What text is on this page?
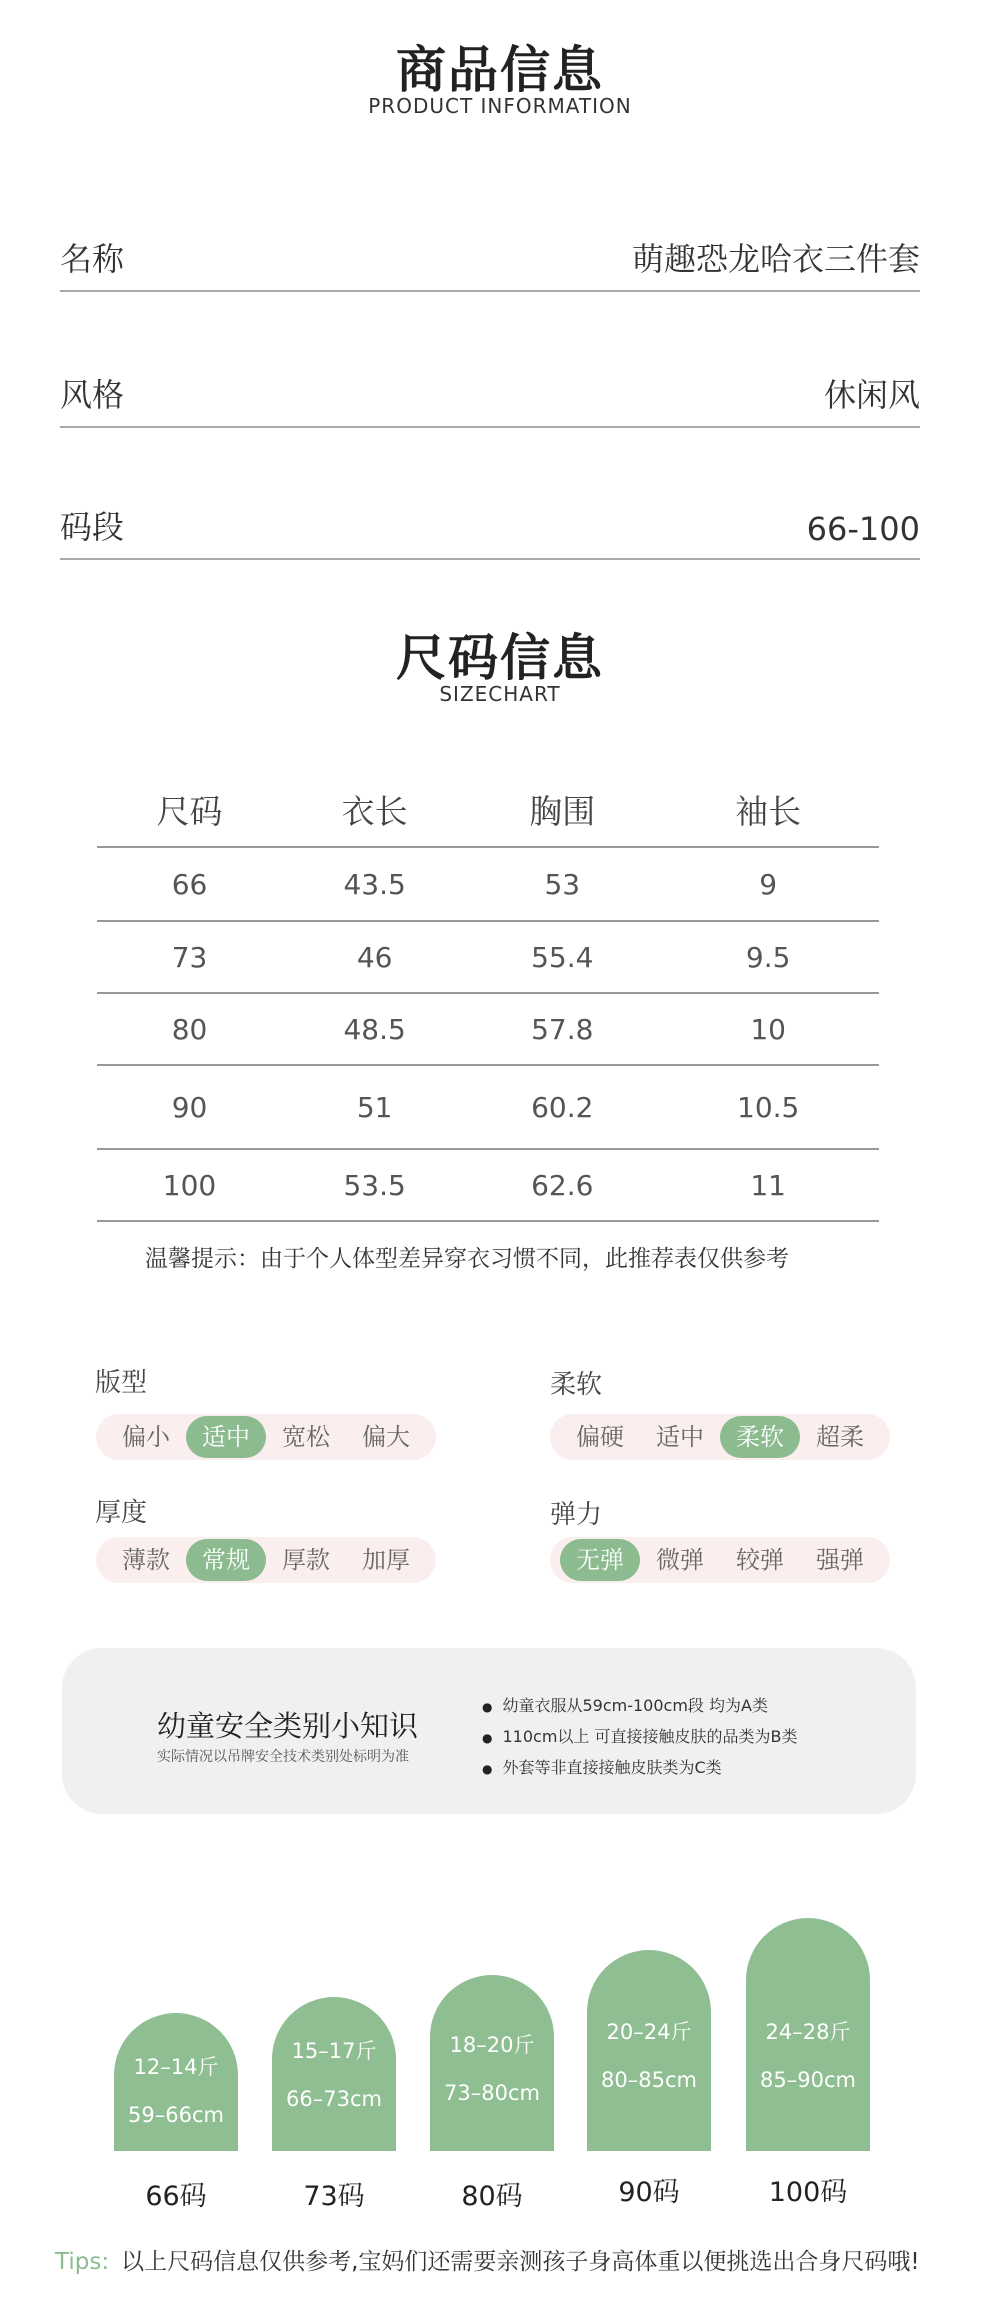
商品信息
PRODUCT INFORMATION
名称	萌趣恐龙哈衣三件套
风格	休闲风
码段	66-100
尺码信息
SIZECHART
尺码	衣长	胸围	袖长
66	43.5	53	9
73	46	55.4	9.5
80	48.5	57.8	10
90	51	60.2	10.5
100	53.5	62.6	11
温馨提示：由于个人体型差异穿衣习惯不同，此推荐表仅供参考
版型
偏小	适中	宽松	偏大
柔软
偏硬	适中	柔软	超柔
厚度
薄款	常规	厚款	加厚
弹力
无弹	微弹	较弹	强弹
幼童安全类别小知识
实际情况以吊牌安全技术类别处标明为准
● 幼童衣服从59cm-100cm段 均为A类
● 110cm以上 可直接接触皮肤的品类为B类
● 外套等非直接接触皮肤类为C类
12–14斤
59–66cm
66码
15–17斤
66–73cm
73码
18–20斤
73–80cm
80码
20–24斤
80–85cm
90码
24–28斤
85–90cm
100码
Tips: 以上尺码信息仅供参考,宝妈们还需要亲测孩子身高体重以便挑选出合身尺码哦!
